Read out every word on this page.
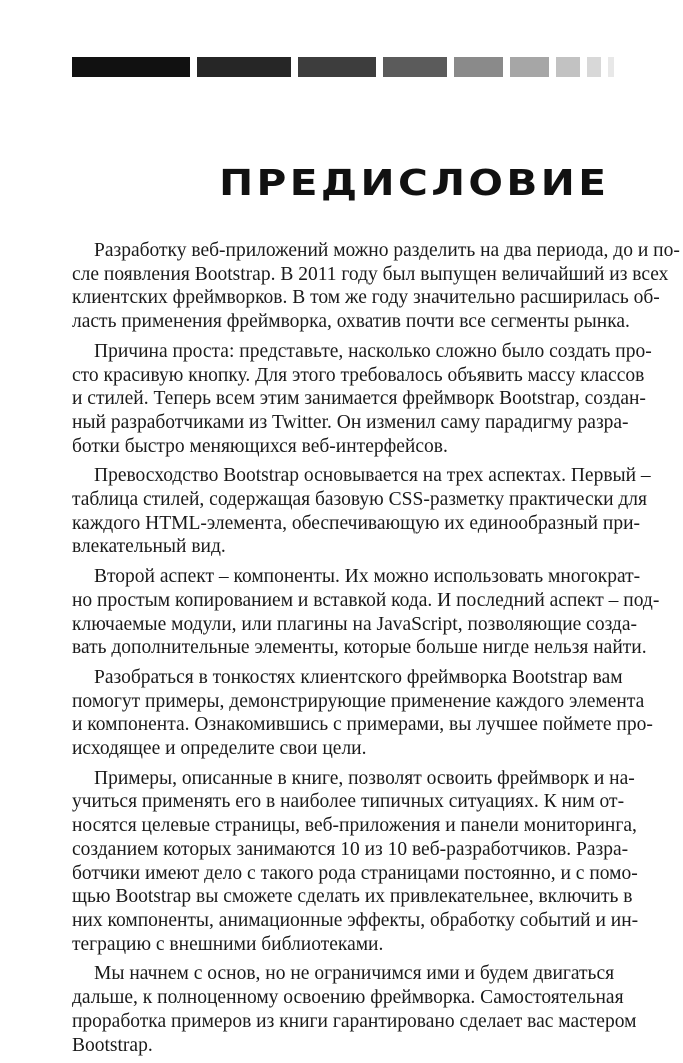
ПРЕДИСЛОВИЕ
Разработку веб-приложений можно разделить на два периода, до и по-
сле появления Bootstrap. В 2011 году был выпущен величайший из всех
клиентских фреймворков. В том же году значительно расширилась об-
ласть применения фреймворка, охватив почти все сегменты рынка.
Причина проста: представьте, насколько сложно было создать про-
сто красивую кнопку. Для этого требовалось объявить массу классов
и стилей. Теперь всем этим занимается фреймворк Bootstrap, создан-
ный разработчиками из Twitter. Он изменил саму парадигму разра-
ботки быстро меняющихся веб-интерфейсов.
Превосходство Bootstrap основывается на трех аспектах. Первый –
таблица стилей, содержащая базовую CSS-разметку практически для
каждого HTML-элемента, обеспечивающую их единообразный при-
влекательный вид.
Второй аспект – компоненты. Их можно использовать многократ-
но простым копированием и вставкой кода. И последний аспект – под-
ключаемые модули, или плагины на JavaScript, позволяющие созда-
вать дополнительные элементы, которые больше нигде нельзя найти.
Разобраться в тонкостях клиентского фреймворка Bootstrap вам
помогут примеры, демонстрирующие применение каждого элемента
и компонента. Ознакомившись с примерами, вы лучшее поймете про-
исходящее и определите свои цели.
Примеры, описанные в книге, позволят освоить фреймворк и на-
учиться применять его в наиболее типичных ситуациях. К ним от-
носятся целевые страницы, веб-приложения и панели мониторинга,
созданием которых занимаются 10 из 10 веб-разработчиков. Разра-
ботчики имеют дело с такого рода страницами постоянно, и с помо-
щью Bootstrap вы сможете сделать их привлекательнее, включить в
них компоненты, анимационные эффекты, обработку событий и ин-
теграцию с внешними библиотеками.
Мы начнем с основ, но не ограничимся ими и будем двигаться
дальше, к полноценному освоению фреймворка. Самостоятельная
проработка примеров из книги гарантировано сделает вас мастером
Bootstrap.
